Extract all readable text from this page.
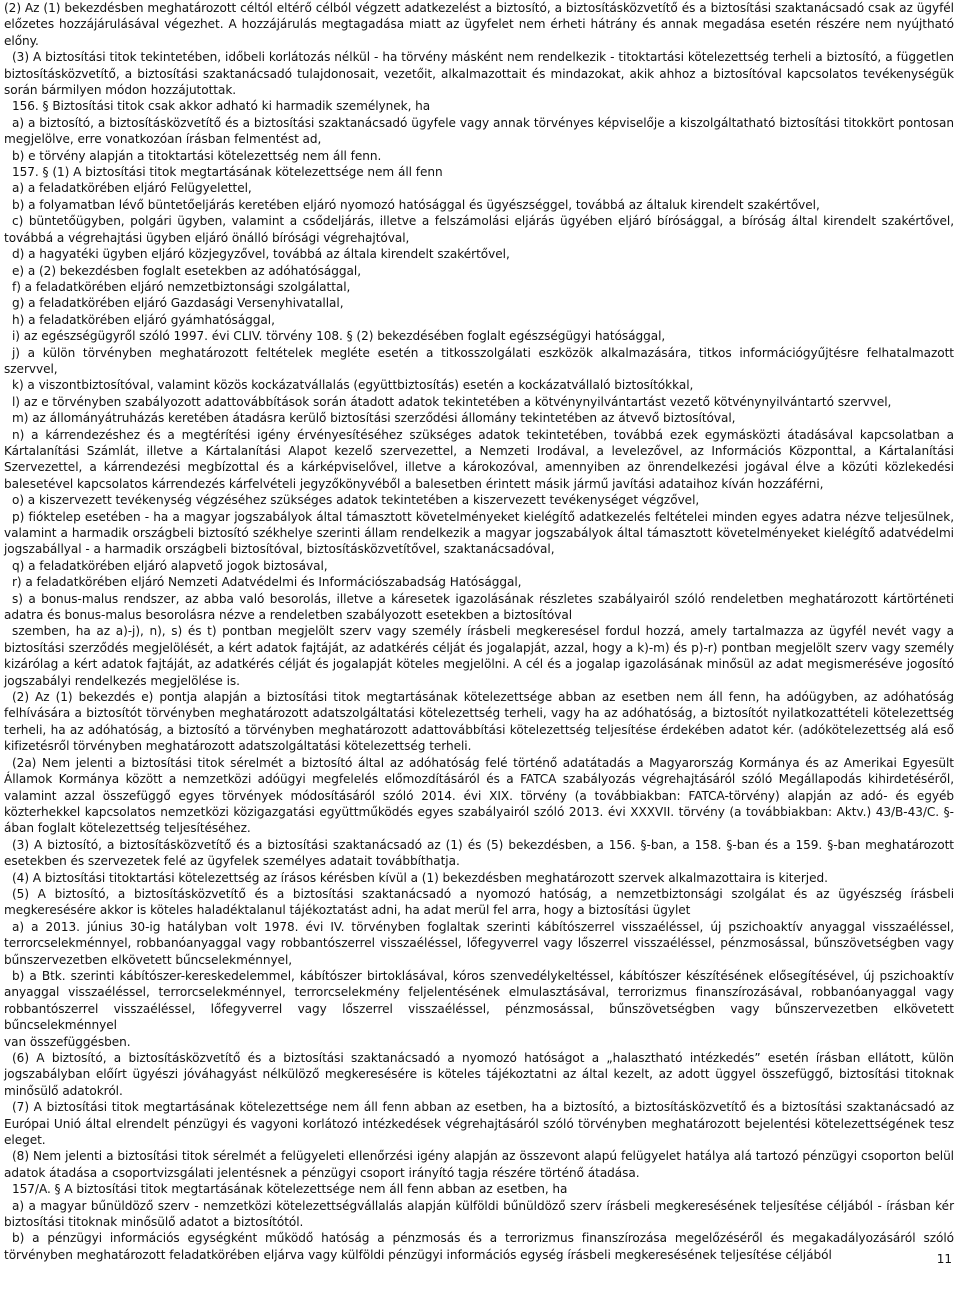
(2) Az (1) bekezdésben meghatározott céltól eltérő célból végzett adatkezelést a biztosító, a biztosításközvetítő és a biztosítási szaktanácsadó csak az ügyfél előzetes hozzájárulásával végezhet. A hozzájárulás megtagadása miatt az ügyfelet nem érheti hátrány és annak megadása esetén részére nem nyújtható előny.

(3) A biztosítási titok tekintetében, időbeli korlátozás nélkül - ha törvény másként nem rendelkezik - titoktartási kötelezettség terheli a biztosító, a független biztosításközvetítő, a biztosítási szaktanácsadó tulajdonosait, vezetőit, alkalmazottait és mindazokat, akik ahhoz a biztosítóval kapcsolatos tevékenységük során bármilyen módon hozzájutottak.

156. § Biztosítási titok csak akkor adható ki harmadik személynek, ha

a) a biztosító, a biztosításközvetítő és a biztosítási szaktanácsadó ügyfele vagy annak törvényes képviselője a kiszolgáltatható biztosítási titokkört pontosan megjelölve, erre vonatkozóan írásban felmentést ad,

b) e törvény alapján a titoktartási kötelezettség nem áll fenn.

157. § (1) A biztosítási titok megtartásának kötelezettsége nem áll fenn

a) a feladatkörében eljáró Felügyelettel,

b) a folyamatban lévő büntetőeljárás keretében eljáró nyomozó hatósággal és ügyészséggel, továbbá az általuk kirendelt szakértővel,

c) büntetőügyben, polgári ügyben, valamint a csődeljárás, illetve a felszámolási eljárás ügyében eljáró bírósággal, a bíróság által kirendelt szakértővel, továbbá a végrehajtási ügyben eljáró önálló bírósági végrehajtóval,

d) a hagyatéki ügyben eljáró közjegyzővel, továbbá az általa kirendelt szakértővel,

e) a (2) bekezdésben foglalt esetekben az adóhatósággal,

f) a feladatkörében eljáró nemzetbiztonsági szolgálattal,

g) a feladatkörében eljáró Gazdasági Versenyhivatallal,

h) a feladatkörében eljáró gyámhatósággal,

i) az egészségügyről szóló 1997. évi CLIV. törvény 108. § (2) bekezdésében foglalt egészségügyi hatósággal,

j) a külön törvényben meghatározott feltételek megléte esetén a titkosszolgálati eszközök alkalmazására, titkos információgyűjtésre felhatalmazott szervvel,

k) a viszontbiztosítóval, valamint közös kockázatvállalás (együttbiztosítás) esetén a kockázatvállaló biztosítókkal,

l) az e törvényben szabályozott adattovábbítások során átadott adatok tekintetében a kötvénynyilvántartást vezető kötvénynyilvántartó szervvel,

m) az állományátruházás keretében átadásra kerülő biztosítási szerződési állomány tekintetében az átvevő biztosítóval,

n) a kárrendezéshez és a megtérítési igény érvényesítéséhez szükséges adatok tekintetében, továbbá ezek egymásközti átadásával kapcsolatban a Kártalanítási Számlát, illetve a Kártalanítási Alapot kezelő szervezettel, a Nemzeti Irodával, a levelezővel, az Információs Központtal, a Kártalanítási Szervezettel, a kárrendezési megbízottal és a kárképviselővel, illetve a károkozóval, amennyiben az önrendelkezési jogával élve a közúti közlekedési balesetével kapcsolatos kárrendezés kárfelvételi jegyzőkönyvéből a balesetben érintett másik jármű javítási adataihoz kíván hozzáférni,

o) a kiszervezett tevékenység végzéséhez szükséges adatok tekintetében a kiszervezett tevékenységet végzővel,

p) fióktelep esetében - ha a magyar jogszabályok által támasztott követelményeket kielégítő adatkezelés feltételei minden egyes adatra nézve teljesülnek, valamint a harmadik országbeli biztosító székhelye szerinti állam rendelkezik a magyar jogszabályok által támasztott követelményeket kielégítő adatvédelmi jogszabállyal - a harmadik országbeli biztosítóval, biztosításközvetítővel, szaktanácsadóval,

q) a feladatkörében eljáró alapvető jogok biztosával,

r) a feladatkörében eljáró Nemzeti Adatvédelmi és Információszabadság Hatósággal,

s) a bonus-malus rendszer, az abba való besorolás, illetve a káresetek igazolásának részletes szabályairól szóló rendeletben meghatározott kártörténeti adatra és bonus-malus besorolásra nézve a rendeletben szabályozott esetekben a biztosítóval

szemben, ha az a)-j), n), s) és t) pontban megjelölt szerv vagy személy írásbeli megkeresésel fordul hozzá, amely tartalmazza az ügyfél nevét vagy a biztosítási szerződés megjelölését, a kért adatok fajtáját, az adatkérés célját és jogalapját, azzal, hogy a k)-m) és p)-r) pontban megjelölt szerv vagy személy kizárólag a kért adatok fajtáját, az adatkérés célját és jogalapját köteles megjelölni. A cél és a jogalap igazolásának minősül az adat megismeréséve jogosító jogszabályi rendelkezés megjelölése is.

(2) Az (1) bekezdés e) pontja alapján a biztosítási titok megtartásának kötelezettsége abban az esetben nem áll fenn, ha adóügyben, az adóhatóság felhívására a biztosítót törvényben meghatározott adatszolgáltatási kötelezettség terheli, vagy ha az adóhatóság, a biztosítót nyilatkozattételi kötelezettség terheli, ha az adóhatóság, a biztosító a törvényben meghatározott adattovábbítási kötelezettség teljesítése érdekében adatot kér. (adókötelezettség alá eső kifizetésről törvényben meghatározott adatszolgáltatási kötelezettség terheli.

(2a) Nem jelenti a biztosítási titok sérelmét a biztosító által az adóhatóság felé történő adatátadás a Magyarország Kormánya és az Amerikai Egyesült Államok Kormánya között a nemzetközi adóügyi megfelelés előmozdításáról és a FATCA szabályozás végrehajtásáról szóló Megállapodás kihirdetéséről, valamint azzal összefüggő egyes törvények módosításáról szóló 2014. évi XIX. törvény (a továbbiakban: FATCA-törvény) alapján az adó- és egyéb közterhekkel kapcsolatos nemzetközi közigazgatási együttműködés egyes szabályairól szóló 2013. évi XXXVII. törvény (a továbbiakban: Aktv.) 43/B-43/C. §-ában foglalt kötelezettség teljesítéséhez.

(3) A biztosító, a biztosításközvetítő és a biztosítási szaktanácsadó az (1) és (5) bekezdésben, a 156. §-ban, a 158. §-ban és a 159. §-ban meghatározott esetekben és szervezetek felé az ügyfelek személyes adatait továbbíthatja.

(4) A biztosítási titoktartási kötelezettség az írásos kérésben kívül a (1) bekezdésben meghatározott szervek alkalmazottaira is kiterjed.

(5) A biztosító, a biztosításközvetítő és a biztosítási szaktanácsadó a nyomozó hatóság, a nemzetbiztonsági szolgálat és az ügyészség írásbeli megkeresésére akkor is köteles haladéktalanul tájékoztatást adni, ha adat merül fel arra, hogy a biztosítási ügylet

a) a 2013. június 30-ig hatályban volt 1978. évi IV. törvényben foglaltak szerinti kábítószerrel visszaéléssel, új pszichoaktív anyaggal visszaéléssel, terrorcselekménnyel, robbanóanyaggal vagy robbantószerrel visszaéléssel, lőfegyverrel vagy lőszerrel visszaéléssel, pénzmosással, bűnszövetségben vagy bűnszervezetben elkövetett bűncselekménnyel,

b) a Btk. szerinti kábítószer-kereskedelemmel, kábítószer birtoklásával, kóros szenvedélykeltéssel, kábítószer készítésének elősegítésével, új pszichoaktív anyaggal visszaéléssel, terrorcselekménnyel, terrorcselekmény feljelentésének elmulasztásával, terrorizmus finanszírozásával, robbanóanyaggal vagy robbantószerrel visszaéléssel, lőfegyverrel vagy lőszerrel visszaéléssel, pénzmosással, bűnszövetségben vagy bűnszervezetben elkövetett bűncselekménnyel

van összefüggésben.

(6) A biztosító, a biztosításközvetítő és a biztosítási szaktanácsadó a nyomozó hatóságot a „halasztható intézkedés” esetén írásban ellátott, külön jogszabályban előírt ügyészi jóváhagyást nélkülöző megkeresésére is köteles tájékoztatni az által kezelt, az adott üggyel összefüggő, biztosítási titoknak minősülő adatokról.

(7) A biztosítási titok megtartásának kötelezettsége nem áll fenn abban az esetben, ha a biztosító, a biztosításközvetítő és a biztosítási szaktanácsadó az Európai Unió által elrendelt pénzügyi és vagyoni korlátozó intézkedések végrehajtásáról szóló törvényben meghatározott bejelentési kötelezettségének tesz eleget.

(8) Nem jelenti a biztosítási titok sérelmét a felügyeleti ellenőrzési igény alapján az összevont alapú felügyelet hatálya alá tartozó pénzügyi csoporton belül adatok átadása a csoportvizsgálati jelentésnek a pénzügyi csoport irányító tagja részére történő átadása.

157/A. § A biztosítási titok megtartásának kötelezettsége nem áll fenn abban az esetben, ha

a) a magyar bűnüldöző szerv - nemzetközi kötelezettségvállalás alapján külföldi bűnüldöző szerv írásbeli megkeresésének teljesítése céljából - írásban kér biztosítási titoknak minősülő adatot a biztosítótól.

b) a pénzügyi információs egységként működő hatóság a pénzmosás és a terrorizmus finanszírozása megelőzéséről és megakadályozásáról szóló törvényben meghatározott feladatkörében eljárva vagy külföldi pénzügyi információs egység írásbeli megkeresésének teljesítése céljából	11
